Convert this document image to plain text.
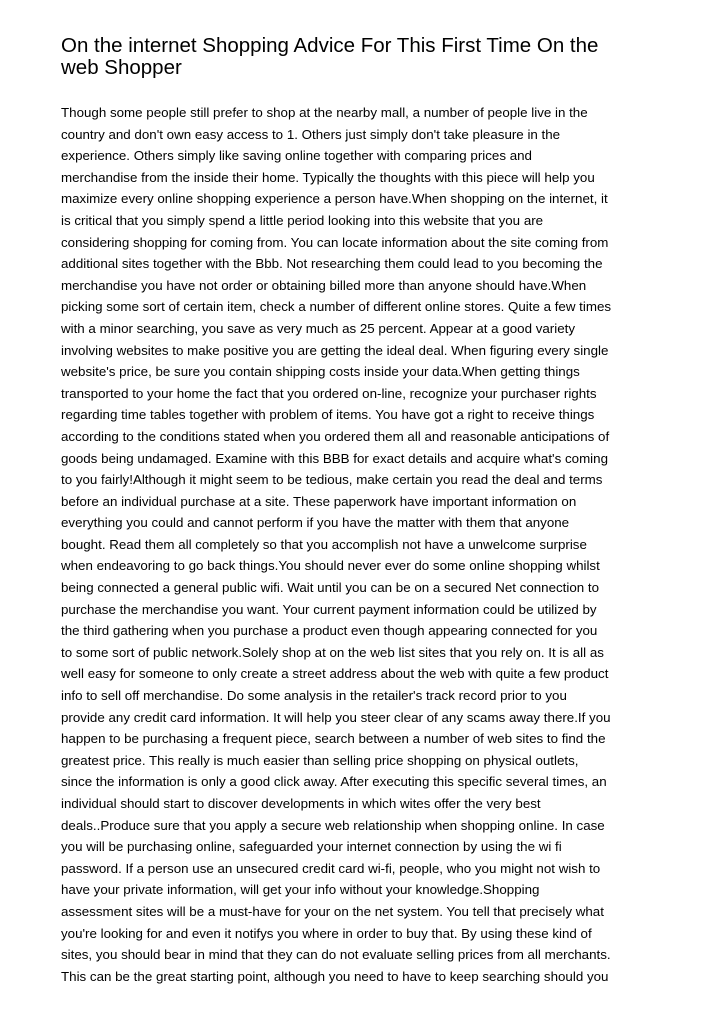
On the internet Shopping Advice For This First Time On the
web Shopper

Though some people still prefer to shop at the nearby mall, a number of people live in the
country and don't own easy access to 1. Others just simply don't take pleasure in the
experience. Others simply like saving online together with comparing prices and
merchandise from the inside their home. Typically the thoughts with this piece will help you
maximize every online shopping experience a person have.When shopping on the internet, it
is critical that you simply spend a little period looking into this website that you are
considering shopping for coming from. You can locate information about the site coming from
additional sites together with the Bbb. Not researching them could lead to you becoming the
merchandise you have not order or obtaining billed more than anyone should have.When
picking some sort of certain item, check a number of different online stores. Quite a few times
with a minor searching, you save as very much as 25 percent. Appear at a good variety
involving websites to make positive you are getting the ideal deal. When figuring every single
website's price, be sure you contain shipping costs inside your data.When getting things
transported to your home the fact that you ordered on-line, recognize your purchaser rights
regarding time tables together with problem of items. You have got a right to receive things
according to the conditions stated when you ordered them all and reasonable anticipations of
goods being undamaged. Examine with this BBB for exact details and acquire what's coming
to you fairly!Although it might seem to be tedious, make certain you read the deal and terms
before an individual purchase at a site. These paperwork have important information on
everything you could and cannot perform if you have the matter with them that anyone
bought. Read them all completely so that you accomplish not have a unwelcome surprise
when endeavoring to go back things.You should never ever do some online shopping whilst
being connected a general public wifi. Wait until you can be on a secured Net connection to
purchase the merchandise you want. Your current payment information could be utilized by
the third gathering when you purchase a product even though appearing connected for you
to some sort of public network.Solely shop at on the web list sites that you rely on. It is all as
well easy for someone to only create a street address about the web with quite a few product
info to sell off merchandise. Do some analysis in the retailer's track record prior to you
provide any credit card information. It will help you steer clear of any scams away there.If you
happen to be purchasing a frequent piece, search between a number of web sites to find the
greatest price. This really is much easier than selling price shopping on physical outlets,
since the information is only a good click away. After executing this specific several times, an
individual should start to discover developments in which wites offer the very best
deals..Produce sure that you apply a secure web relationship when shopping online. In case
you will be purchasing online, safeguarded your internet connection by using the wi fi
password. If a person use an unsecured credit card wi-fi, people, who you might not wish to
have your private information, will get your info without your knowledge.Shopping
assessment sites will be a must-have for your on the net system. You tell that precisely what
you're looking for and even it notifys you where in order to buy that. By using these kind of
sites, you should bear in mind that they can do not evaluate selling prices from all merchants.
This can be the great starting point, although you need to have to keep searching should you
